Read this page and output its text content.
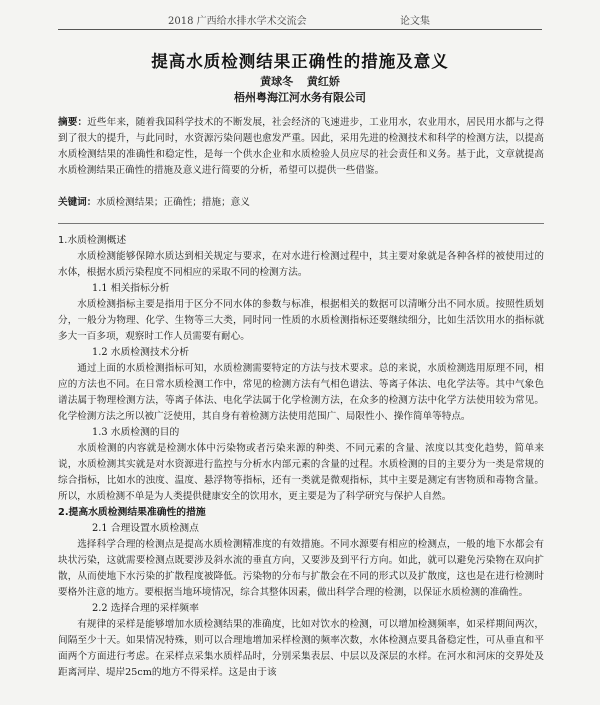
2018 广西给水排水学术交流会	论文集
提高水质检测结果正确性的措施及意义
黄球冬 黄红娇
梧州粤海江河水务有限公司
摘要：近些年来，随着我国科学技术的不断发展，社会经济的飞速进步，工业用水，农业用水，居民用水都与之得到了很大的提升，与此同时，水资源污染问题也愈发严重。因此，采用先进的检测技术和科学的检测方法，以提高水质检测结果的准确性和稳定性，是每一个供水企业和水质检验人员应尽的社会责任和义务。基于此，文章就提高水质检测结果正确性的措施及意义进行简要的分析，希望可以提供一些借鉴。
关键词：水质检测结果；正确性；措施；意义
1.水质检测概述

水质检测能够保障水质达到相关规定与要求，在对水进行检测过程中，其主要对象就是各种各样的被使用过的水体，根据水质污染程度不同相应的采取不同的检测方法。

1.1 相关指标分析

水质检测指标主要是指用于区分不同水体的参数与标准，根据相关的数据可以清晰分出不同水质。按照性质划分，一般分为物理、化学、生物等三大类，同时同一性质的水质检测指标还要继续细分，比如生活饮用水的指标就多大一百多项，观察时工作人员需要有耐心。

1.2 水质检测技术分析

通过上面的水质检测指标可知，水质检测需要特定的方法与技术要求。总的来说，水质检测选用原理不同，相应的方法也不同。在日常水质检测工作中，常见的检测方法有气相色谱法、等离子体法、电化学法等。其中气象色谱法属于物理检测方法，等离子体法、电化学法属于化学检测方法，在众多的检测方法中化学方法使用较为常见。化学检测方法之所以被广泛使用，其自身有着检测方法使用范围广、局限性小、操作简单等特点。

1.3 水质检测的目的

水质检测的内容就是检测水体中污染物或者污染来源的种类、不同元素的含量、浓度以其变化趋势，简单来说，水质检测其实就是对水资源进行监控与分析水内部元素的含量的过程。水质检测的目的主要分为一类是常规的综合指标，比如水的浊度、温度、悬浮物等指标，还有一类就是微观指标，其中主要是测定有害物质和毒物含量。所以，水质检测不单是为人类提供健康安全的饮用水，更主要是为了科学研究与保护人自然。

2.提高水质检测结果准确性的措施
2.1 合理设置水质检测点

选择科学合理的检测点是提高水质检测精准度的有效措施。不同水源要有相应的检测点，一般的地下水都会有块状污染，这就需要检测点既要涉及斜水流的垂直方向，又要涉及到平行方向。如此，就可以避免污染物在双向扩散，从而使地下水污染的扩散程度被降低。污染物的分布与扩散会在不同的形式以及扩散度，这也是在进行检测时要格外注意的地方。要根据当地环境情况，综合其整体因素，做出科学合理的检测，以保证水质检测的准确性。

2.2 选择合理的采样频率

有规律的采样是能够增加水质检测结果的准确度，比如对饮水的检测，可以增加检测频率，如采样期间两次，间隔至少十天。如果情况特殊，则可以合理地增加采样检测的频率次数，水体检测点要具备稳定性，可从垂直和平面两个方面进行考虑。在采样点采集水质样品时，分别采集表层、中层以及深层的水样。在河水和河床的交界处及距离河岸、堤岸25cm的地方不得采样。这是由于该
